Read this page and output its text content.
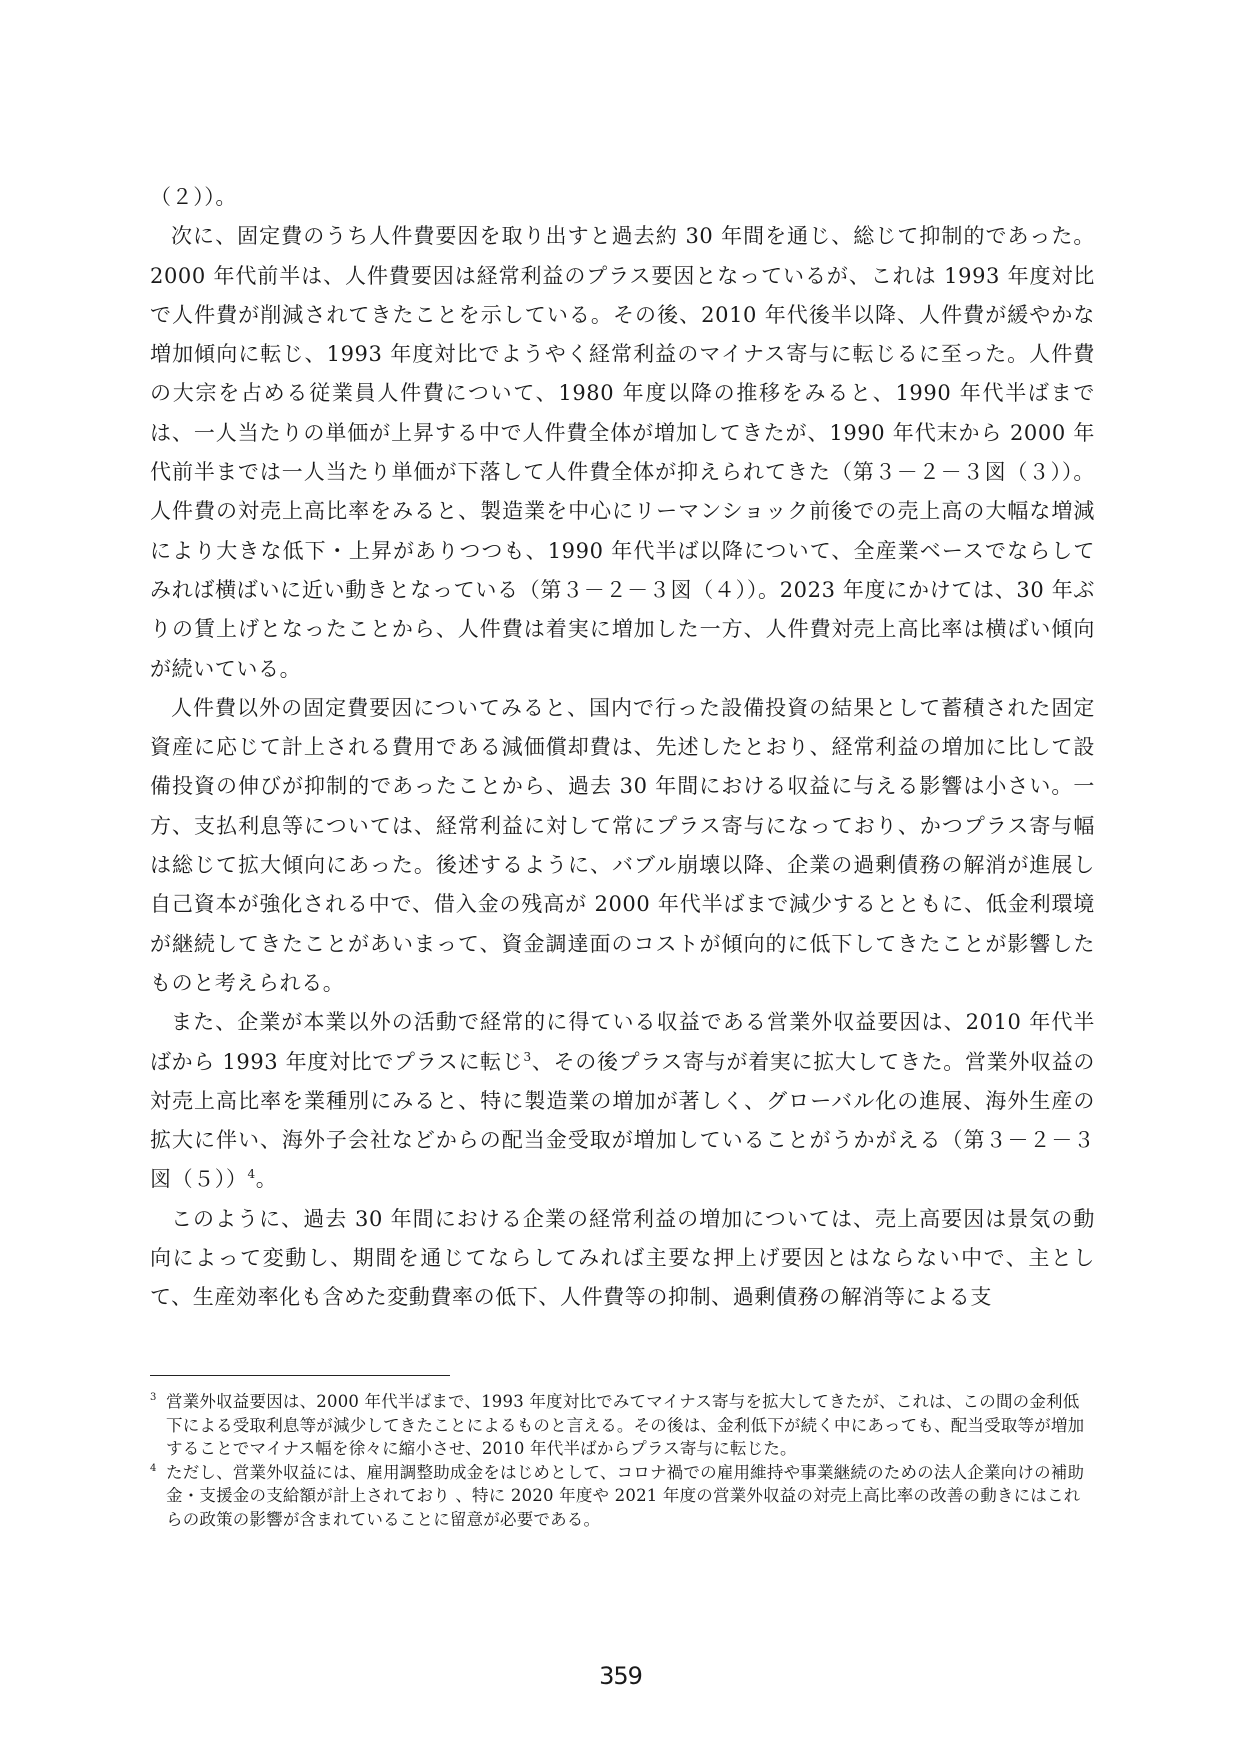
（２））。

次に、固定費のうち人件費要因を取り出すと過去約 30 年間を通じ、総じて抑制的であった。2000 年代前半は、人件費要因は経常利益のプラス要因となっているが、これは 1993 年度対比で人件費が削減されてきたことを示している。その後、2010 年代後半以降、人件費が緩やかな増加傾向に転じ、1993 年度対比でようやく経常利益のマイナス寄与に転じるに至った。人件費の大宗を占める従業員人件費について、1980 年度以降の推移をみると、1990 年代半ばまでは、一人当たりの単価が上昇する中で人件費全体が増加してきたが、1990 年代末から 2000 年代前半までは一人当たり単価が下落して人件費全体が抑えられてきた（第３－２－３図（３））。人件費の対売上高比率をみると、製造業を中心にリーマンショック前後での売上高の大幅な増減により大きな低下・上昇がありつつも、1990 年代半ば以降について、全産業ベースでならしてみれば横ばいに近い動きとなっている（第３－２－３図（４））。2023 年度にかけては、30 年ぶりの賃上げとなったことから、人件費は着実に増加した一方、人件費対売上高比率は横ばい傾向が続いている。

人件費以外の固定費要因についてみると、国内で行った設備投資の結果として蓄積された固定資産に応じて計上される費用である減価償却費は、先述したとおり、経常利益の増加に比して設備投資の伸びが抑制的であったことから、過去 30 年間における収益に与える影響は小さい。一方、支払利息等については、経常利益に対して常にプラス寄与になっており、かつプラス寄与幅は総じて拡大傾向にあった。後述するように、バブル崩壊以降、企業の過剰債務の解消が進展し自己資本が強化される中で、借入金の残高が 2000 年代半ばまで減少するとともに、低金利環境が継続してきたことがあいまって、資金調達面のコストが傾向的に低下してきたことが影響したものと考えられる。

また、企業が本業以外の活動で経常的に得ている収益である営業外収益要因は、2010 年代半ばから 1993 年度対比でプラスに転じ$^3$、その後プラス寄与が着実に拡大してきた。営業外収益の対売上高比率を業種別にみると、特に製造業の増加が著しく、グローバル化の進展、海外生産の拡大に伴い、海外子会社などからの配当金受取が増加していることがうかがえる（第３－２－３図（５））$^4$。

このように、過去 30 年間における企業の経常利益の増加については、売上高要因は景気の動向によって変動し、期間を通じてならしてみれば主要な押上げ要因とはならない中で、主として、生産効率化も含めた変動費率の低下、人件費等の抑制、過剰債務の解消等による支

3 営業外収益要因は、2000 年代半ばまで、1993 年度対比でみてマイナス寄与を拡大してきたが、これは、この間の金利低下による受取利息等が減少してきたことによるものと言える。その後は、金利低下が続く中にあっても、配当受取等が増加することでマイナス幅を徐々に縮小させ、2010 年代半ばからプラス寄与に転じた。
4 ただし、営業外収益には、雇用調整助成金をはじめとして、コロナ禍での雇用維持や事業継続のための法人企業向けの補助金・支援金の支給額が計上されており 、特に 2020 年度や 2021 年度の営業外収益の対売上高比率の改善の動きにはこれらの政策の影響が含まれていることに留意が必要である。
359
